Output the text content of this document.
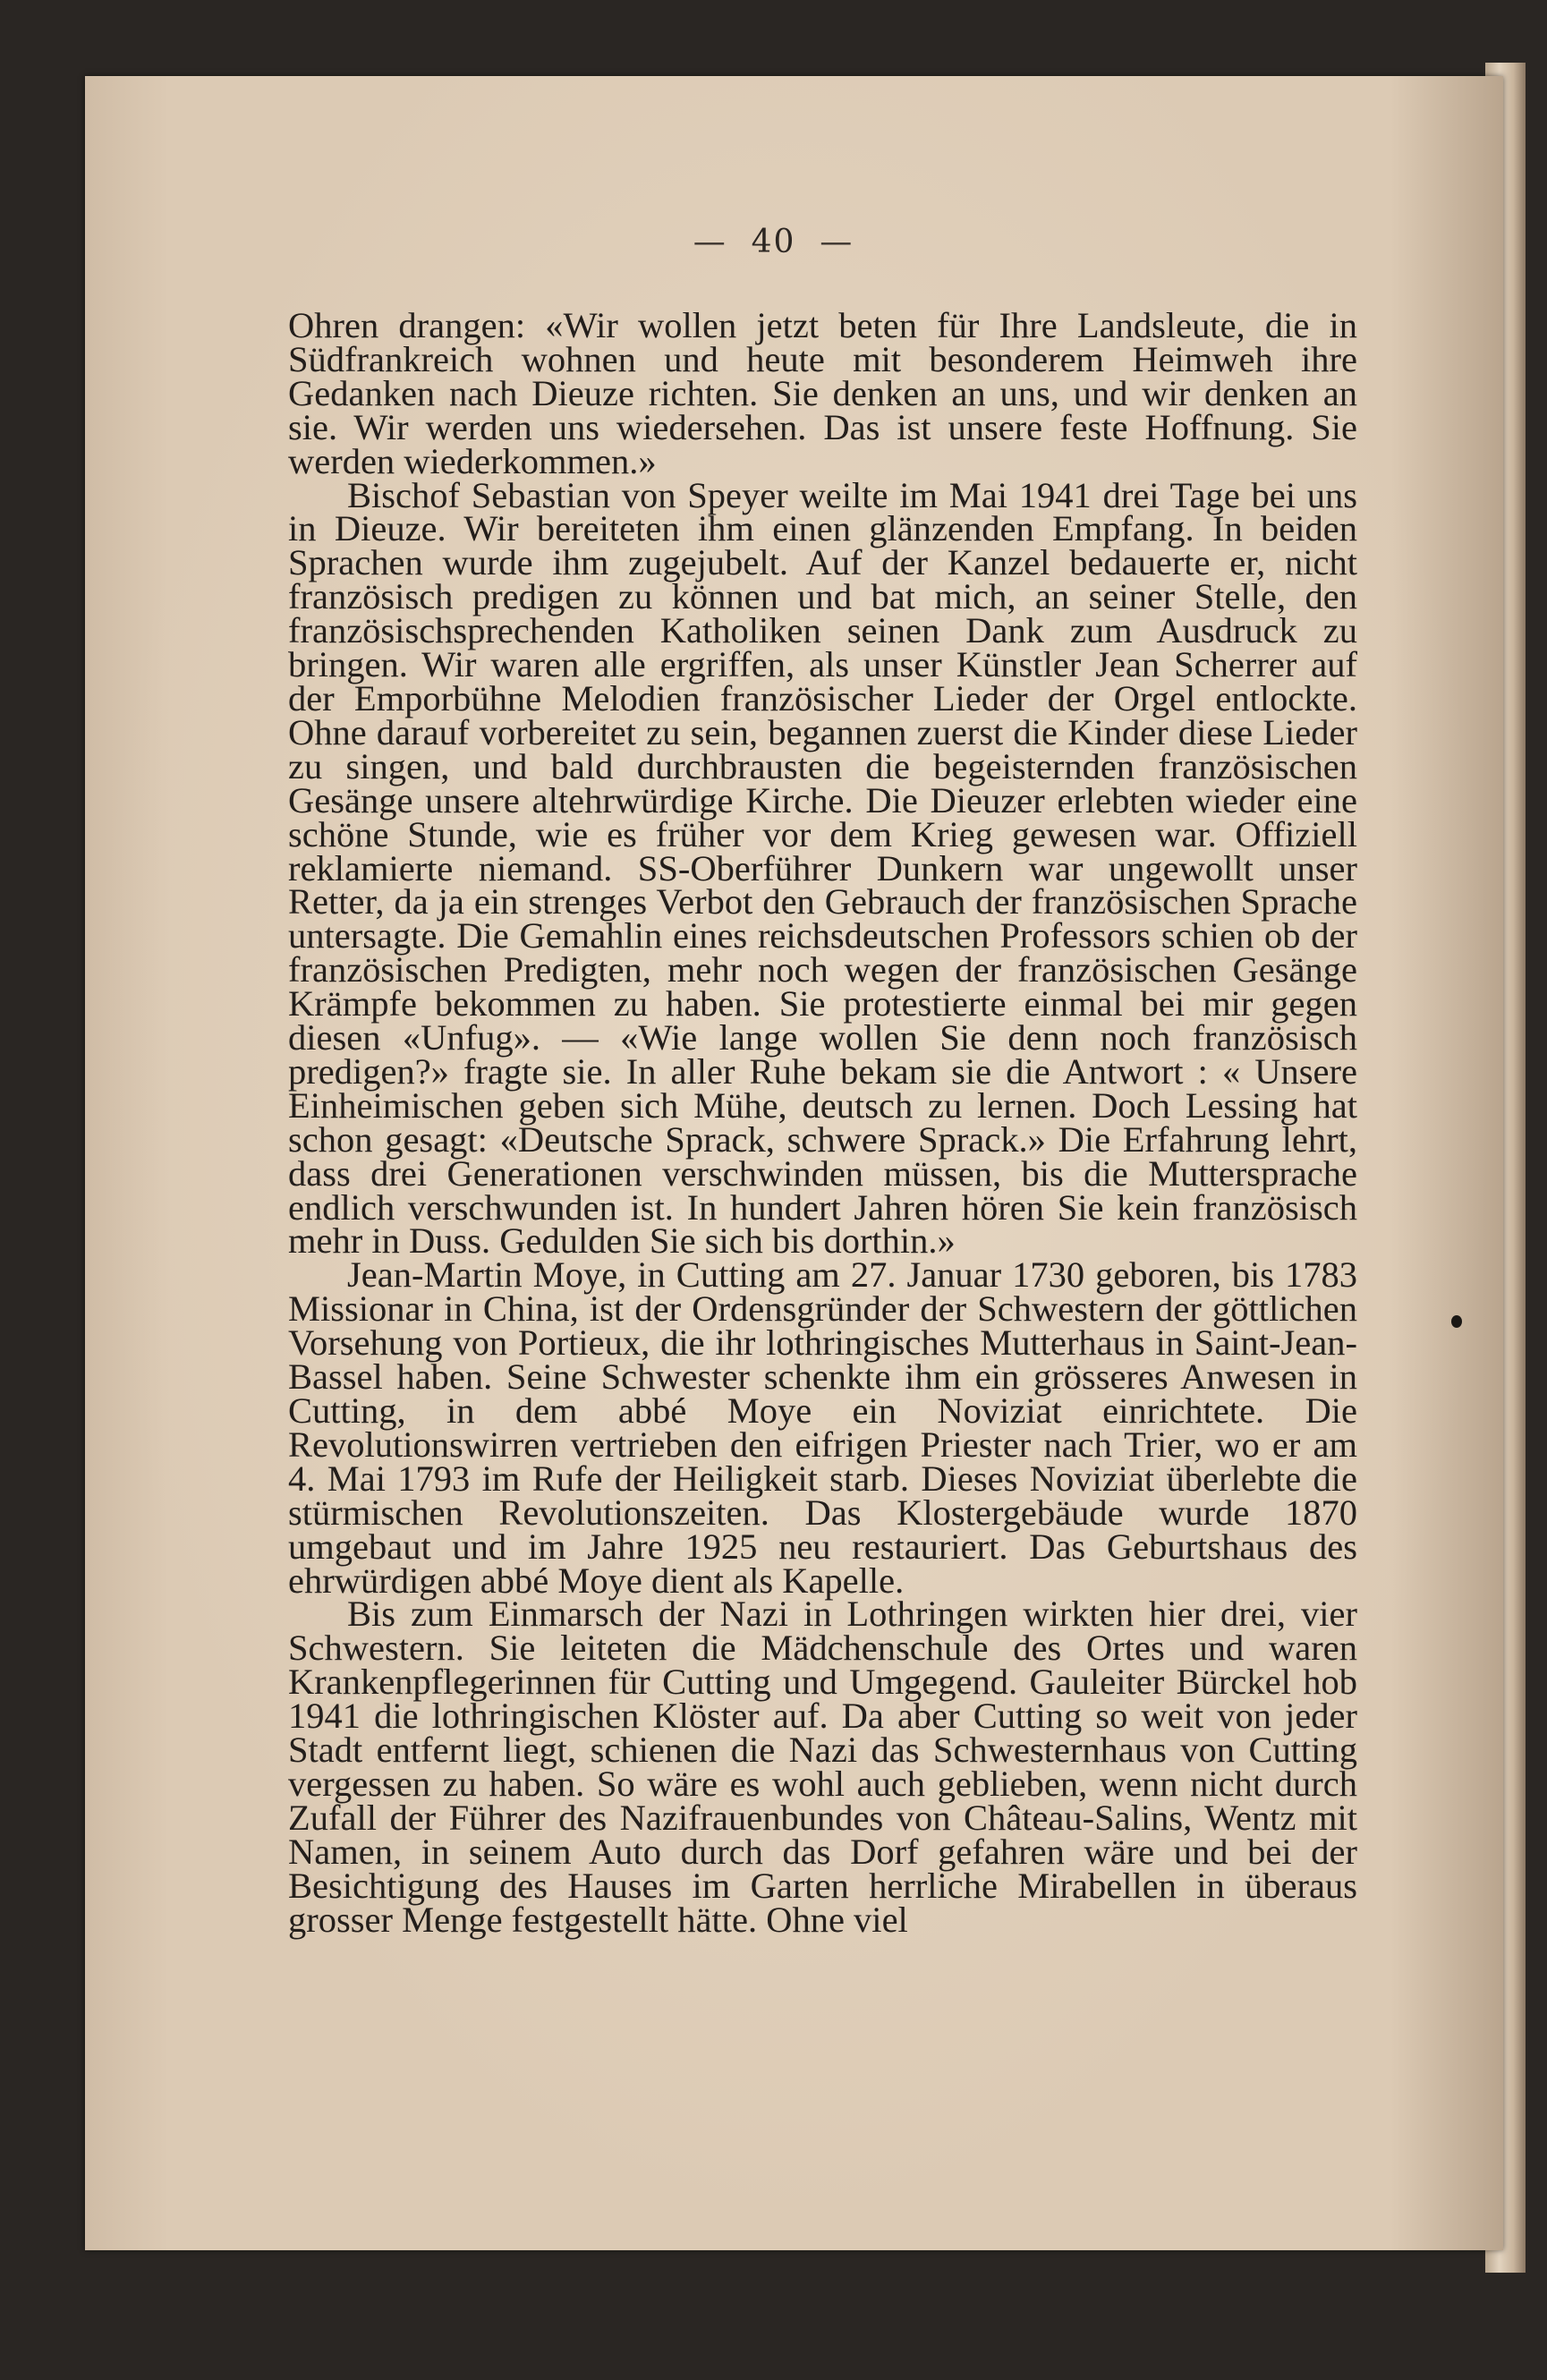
— 40 —

Ohren drangen: «Wir wollen jetzt beten für Ihre Landsleute, die in Südfrankreich wohnen und heute mit besonderem Heimweh ihre Gedanken nach Dieuze richten. Sie denken an uns, und wir denken an sie. Wir werden uns wiedersehen. Das ist unsere feste Hoffnung. Sie werden wiederkommen.»

Bischof Sebastian von Speyer weilte im Mai 1941 drei Tage bei uns in Dieuze. Wir bereiteten ihm einen glänzenden Empfang. In beiden Sprachen wurde ihm zugejubelt. Auf der Kanzel bedauerte er, nicht französisch predigen zu können und bat mich, an seiner Stelle, den französischsprechenden Katholiken seinen Dank zum Ausdruck zu bringen. Wir waren alle ergriffen, als unser Künstler Jean Scherrer auf der Emporbühne Melodien französischer Lieder der Orgel entlockte. Ohne darauf vorbereitet zu sein, begannen zuerst die Kinder diese Lieder zu singen, und bald durchbrausten die begeisternden französischen Gesänge unsere altehrwürdige Kirche. Die Dieuzer erlebten wieder eine schöne Stunde, wie es früher vor dem Krieg gewesen war. Offiziell reklamierte niemand. SS-Oberführer Dunkern war ungewollt unser Retter, da ja ein strenges Verbot den Gebrauch der französischen Sprache untersagte. Die Gemahlin eines reichsdeutschen Professors schien ob der französischen Predigten, mehr noch wegen der französischen Gesänge Krämpfe bekommen zu haben. Sie protestierte einmal bei mir gegen diesen «Unfug». — «Wie lange wollen Sie denn noch französisch predigen?» fragte sie. In aller Ruhe bekam sie die Antwort : « Unsere Einheimischen geben sich Mühe, deutsch zu lernen. Doch Lessing hat schon gesagt: «Deutsche Sprack, schwere Sprack.» Die Erfahrung lehrt, dass drei Generationen verschwinden müssen, bis die Muttersprache endlich verschwunden ist. In hundert Jahren hören Sie kein französisch mehr in Duss. Gedulden Sie sich bis dorthin.»

Jean-Martin Moye, in Cutting am 27. Januar 1730 geboren, bis 1783 Missionar in China, ist der Ordensgründer der Schwestern der göttlichen Vorsehung von Portieux, die ihr lothringisches Mutterhaus in Saint-Jean-Bassel haben. Seine Schwester schenkte ihm ein grösseres Anwesen in Cutting, in dem abbé Moye ein Noviziat einrichtete. Die Revolutionswirren vertrieben den eifrigen Priester nach Trier, wo er am 4. Mai 1793 im Rufe der Heiligkeit starb. Dieses Noviziat überlebte die stürmischen Revolutionszeiten. Das Klostergebäude wurde 1870 umgebaut und im Jahre 1925 neu restauriert. Das Geburtshaus des ehrwürdigen abbé Moye dient als Kapelle.

Bis zum Einmarsch der Nazi in Lothringen wirkten hier drei, vier Schwestern. Sie leiteten die Mädchenschule des Ortes und waren Krankenpflegerinnen für Cutting und Umgegend. Gauleiter Bürckel hob 1941 die lothringischen Klöster auf. Da aber Cutting so weit von jeder Stadt entfernt liegt, schienen die Nazi das Schwesternhaus von Cutting vergessen zu haben. So wäre es wohl auch geblieben, wenn nicht durch Zufall der Führer des Nazifrauenbundes von Château-Salins, Wentz mit Namen, in seinem Auto durch das Dorf gefahren wäre und bei der Besichtigung des Hauses im Garten herrliche Mirabellen in überaus grosser Menge festgestellt hätte. Ohne viel
